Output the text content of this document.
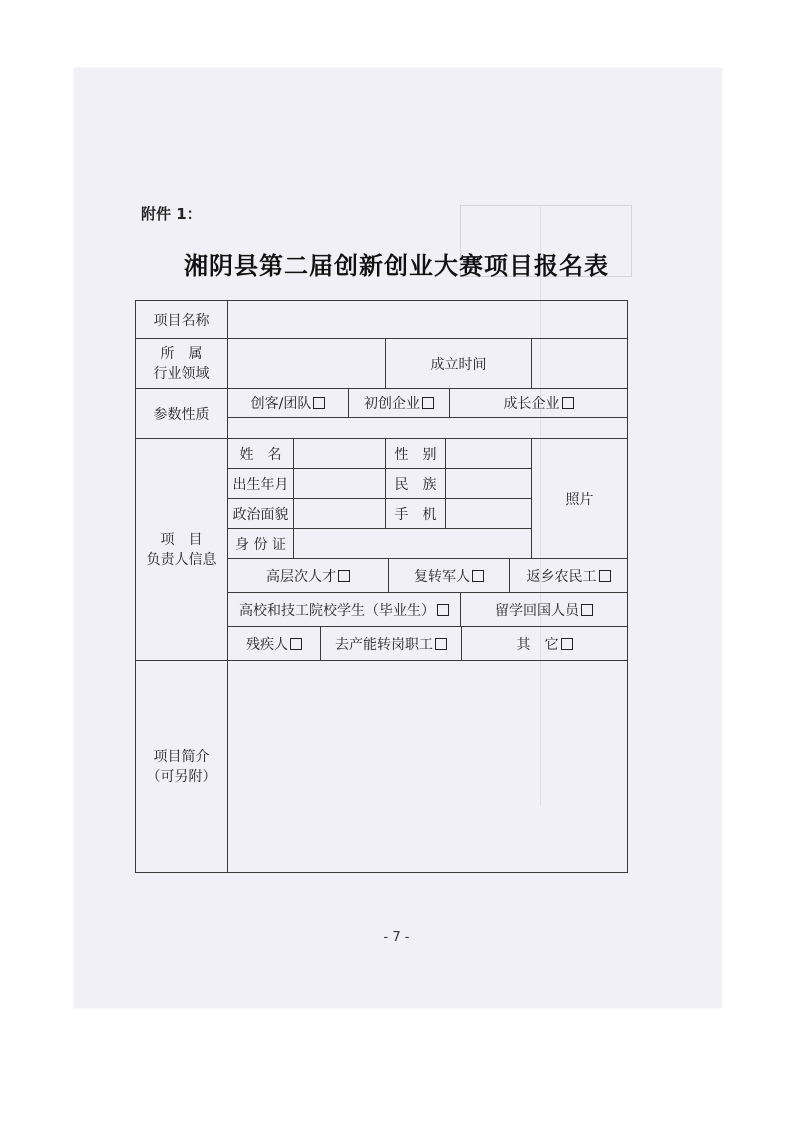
附件 1：
湘阴县第二届创新创业大赛项目报名表
项目名称					

所　属
行业领域			成立时间		
参数性质	创客/团队 初创企业 成长企业				

项　目
负责人信息	姓　名		性　别		照片
	出生年月		民　族		
	政治面貌		手　机		
	身 份 证				

	高层次人才 复转军人 返乡农民工				

	高校和技工院校学生（毕业生） 留学回国人员				

	残疾人 去产能转岗职工 其　它				

项目简介
（可另附）					

- 7 -
